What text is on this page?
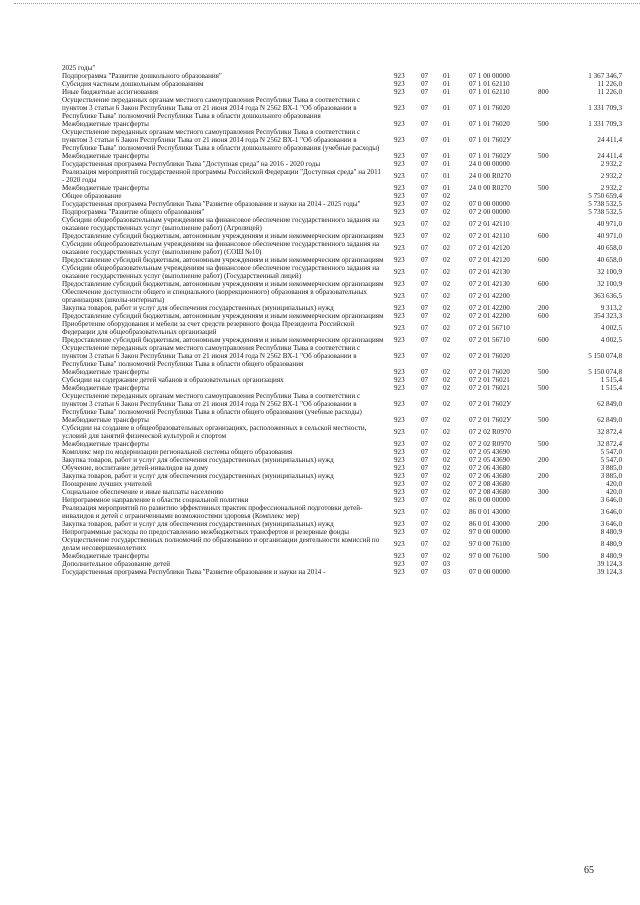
2025 годы"
Подпрограмма "Развитие дошкольного образования"	923	07	01	07 1 00 00000	1 367 346,7
Субсидия частным дошкольным образованиям	923	07	01	07 1 01 62110	11 226,0
Иные бюджетные ассигнования	923	07	01	07 1 01 62110	800	11 226,0
Осуществление переданных органам местного самоуправления Республики Тыва в соответствии с пунктом 3 статьи 6 Закон Республики Тыва от 21 июня 2014 года N 2562 ВХ-1 "Об образовании в Республике Тыва" полномочий Республики Тыва в области дошкольного образования
923	07	01	07 1 01 76020	1 331 709,3
Межбюджетные трансферты	923	07	01	07 1 01 76020	500	1 331 709,3
Осуществление переданных органам местного самоуправления Республики Тыва в соответствии с пунктом 3 статьи 6 Закон Республики Тыва от 21 июня 2014 года N 2562 ВХ-1 "Об образовании в Республике Тыва" полномочий Республики Тыва в области дошкольного образования (учебные расходы)
923	07	01	07 1 01 7602У	24 411,4
Межбюджетные трансферты	923	07	01	07 1 01 7602У	500	24 411,4
Государственная программа Республики Тыва "Доступная среда" на 2016 - 2020 годы	923	07	01	24 0 00 00000	2 932,2
Реализация мероприятий государственной программы Российской Федерации "Доступная среда" на 2011 - 2020 годы
923	07	01	24 0 00 R0270	2 932,2
Межбюджетные трансферты	923	07	01	24 0 00 R0270	500	2 932,2
Общее образование	923	07	02	5 750 659,4
Государственная программа Республики Тыва "Развитие образования и науки на 2014 - 2025 годы"	923	07	02	07 0 00 00000	5 738 532,5
Подпрограмма "Развитие общего образования"	923	07	02	07 2 00 00000	5 738 532,5
Субсидии общеобразовательным учреждениям на финансовое обеспечение государственного задания на оказание государственных услуг (выполнение работ) (Агролицей)
923	07	02	07 2 01 42110	40 971,0
Предоставление субсидий бюджетным, автономным учреждениям и иным некоммерческим организациям 923	07	02	07 2 01 42110	600	40 971,0
Субсидии общеобразовательным учреждениям на финансовое обеспечение государственного задания на оказание государственных услуг (выполнение работ) (СОШ №10)
923	07	02	07 2 01 42120	40 658,0
Предоставление субсидий бюджетным, автономным учреждениям и иным некоммерческим организациям 923	07	02	07 2 01 42120	600	40 658,0
Субсидии общеобразовательным учреждениям на финансовое обеспечение государственного задания на оказание государственных услуг (выполнение работ) (Государственный лицей)
923	07	02	07 2 01 42130	32 100,9
Предоставление субсидий бюджетным, автономным учреждениям и иным некоммерческим организациям 923	07	02	07 2 01 42130	600	32 100,9
Обеспечение доступности общего и специального (коррекционного) образования в образовательных организациях (школы-интернаты)
923	07	02	07 2 01 42200	363 636,5
Закупка товаров, работ и услуг для обеспечения государственных (муниципальных) нужд	923	07	02	07 2 01 42200	200	9 313,2
Предоставление субсидий бюджетным, автономным учреждениям и иным некоммерческим организациям 923	07	02	07 2 01 42200	600	354 323,3
Приобретение оборудования и мебели за счет средств резервного фонда Президента Российской Федерации для общеобразовательных организаций
923	07	02	07 2 01 56710	4 002,5
Предоставление субсидий бюджетным, автономным учреждениям и иным некоммерческим организациям 923	07	02	07 2 01 56710	600	4 002,5
Осуществление переданных органам местного самоуправления Республики Тыва в соответствии с пунктом 3 статьи 6 Закон Республики Тыва от 21 июня 2014 года N 2562 ВХ-1 "Об образовании в Республике Тыва" полномочий Республики Тыва в области общего образования
923	07	02	07 2 01 76020	5 150 074,8
Межбюджетные трансферты	923	07	02	07 2 01 76020	500	5 150 074,8
Субсидии на содержание детей чабанов в образовательных организациях	923	07	02	07 2 01 76021	1 515,4
Межбюджетные трансферты	923	07	02	07 2 01 76021	500	1 515,4
Осуществление переданных органам местного самоуправления Республики Тыва в соответствии с пунктом 3 статьи 6 Закон Республики Тыва от 21 июня 2014 года N 2562 ВХ-1 "Об образовании в Республике Тыва" полномочий Республики Тыва в области общего образования (учебные расходы)
923	07	02	07 2 01 7602У	62 849,0
Межбюджетные трансферты	923	07	02	07 2 01 7602У	500	62 849,0
Субсидии на создание в общеобразовательных организациях, расположенных в сельской местности, условий для занятий физической культурой и спортом
923	07	02	07 2 02 R0970	32 872,4
Межбюджетные трансферты	923	07	02	07 2 02 R0970	500	32 872,4
Комплекс мер по модернизации региональной системы общего образования	923	07	02	07 2 05 43690	5 547,0
Закупка товаров, работ и услуг для обеспечения государственных (муниципальных) нужд	923	07	02	07 2 05 43690	200	5 547,0
Обучение, воспитание детей-инвалидов на дому	923	07	02	07 2 06 43680	3 885,0
Закупка товаров, работ и услуг для обеспечения государственных (муниципальных) нужд	923	07	02	07 2 06 43680	200	3 885,0
Поощрение лучших учителей	923	07	02	07 2 08 43680	420,0
Социальное обеспечение и иные выплаты населению	923	07	02	07 2 08 43680	300	420,0
Непрограммное направление в области социальной политики	923	07	02	86 0 00 00000	3 646,0
Реализация мероприятий по развитию эффективных практик профессиональной подготовки детей-инвалидов и детей с ограниченными возможностями здоровья (Комплекс мер)
923	07	02	86 0 01 43000	3 646,0
Закупка товаров, работ и услуг для обеспечения государственных (муниципальных) нужд	923	07	02	86 0 01 43000	200	3 646,0
Непрограммные расходы по предоставлению межбюджетных трансфертов и резервные фонды	923	07	02	97 0 00 00000	8 480,9
Осуществление государственных полномочий по образованию и организации деятельности комиссий по делам несовершеннолетних
923	07	02	97 0 00 76100	8 480,9
Межбюджетные трансферты	923	07	02	97 0 00 76100	500	8 480,9
Дополнительное образование детей	923	07	03	39 124,3
Государственная программа Республики Тыва "Развитие образования и науки на 2014 -	923	07	03	07 0 00 00000	39 124,3
65
